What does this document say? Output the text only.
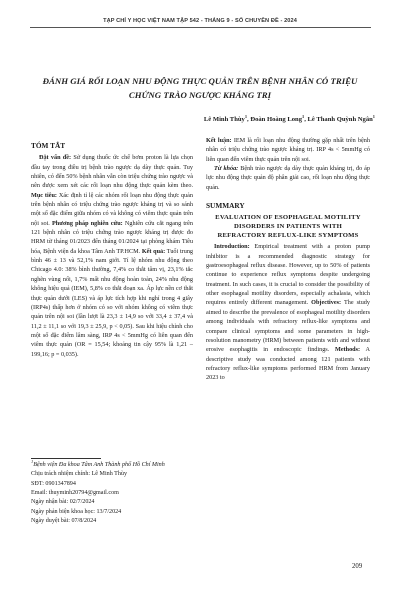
TẠP CHÍ Y HỌC VIỆT NAM TẬP 542 - THÁNG 9 - SỐ CHUYÊN ĐỀ - 2024
ĐÁNH GIÁ RỐI LOẠN NHU ĐỘNG THỰC QUẢN TRÊN BỆNH NHÂN CÓ TRIỆU CHỨNG TRÀO NGƯỢC KHÁNG TRỊ
Lê Minh Thùy$^1$, Đoàn Hoàng Long$^1$, Lê Thanh Quỳnh Ngân$^1$
TÓM TẮT

Đặt vấn đề: Sử dụng thuốc ức chế bơm proton là lựa chọn đầu tay trong điều trị bệnh trào ngược dạ dày thực quản. Tuy nhiên, có đến 50% bệnh nhân vẫn còn triệu chứng trào ngược và nên được xem xét các rối loạn nhu động thực quản kèm theo. Mục tiêu: Xác định tỉ lệ các nhóm rối loạn nhu động thực quản trên bệnh nhân có triệu chứng trào ngược kháng trị và so sánh một số đặc điểm giữa nhóm có và không có viêm thực quản trên nội soi. Phương pháp nghiên cứu: Nghiên cứu cắt ngang trên 121 bệnh nhân có triệu chứng trào ngược kháng trị được đo HRM từ tháng 01/2023 đến tháng 01/2024 tại phòng khám Tiêu hóa, Bệnh viện đa khoa Tâm Anh TP.HCM. Kết quả: Tuổi trung bình 46 ± 13 và 52,1% nam giới. Tỉ lệ nhóm nhu động theo Chicago 4.0: 38% bình thường, 7,4% co thắt tâm vị, 23,1% tắc nghẽn vùng nối, 1,7% mất nhu động hoàn toàn, 24% nhu động không hiệu quả (IEM), 5,8% co thắt đoạn xa. Áp lực nền cơ thắt thực quản dưới (LES) và áp lực tích hợp khi nghỉ trong 4 giây (IRP4s) thấp hơn ở nhóm có so với nhóm không có viêm thực quản trên nội soi (lần lượt là 23,3 ± 14,9 so với 33,4 ± 37,4 và 11,2 ± 11,1 so với 19,3 ± 25,9, p < 0,05). Sau khi hiệu chỉnh cho một số đặc điểm lâm sàng, IRP 4s < 5mmHg có liên quan đến viêm thực quản (OR = 15,54; khoảng tin cậy 95% là 1,21 – 199,16; p = 0,035).

$^1$Bệnh viện Đa khoa Tâm Anh Thành phố Hồ Chí Minh
Chịu trách nhiệm chính: Lê Minh Thùy
SĐT: 0901347894
Email: thuyminh20794@gmail.com
Ngày nhận bài: 02/7/2024
Ngày phản biện khoa học: 13/7/2024
Ngày duyệt bài: 07/8/2024

Kết luận: IEM là rối loạn nhu động thường gặp nhất trên bệnh nhân có triệu chứng trào ngược kháng trị. IRP 4s < 5mmHg có liên quan đến viêm thực quản trên nội soi.

Từ khóa: Bệnh trào ngược dạ dày thực quản kháng trị, đo áp lực nhu động thực quản độ phân giải cao, rối loạn nhu động thực quản.

SUMMARY
EVALUATION OF ESOPHAGEAL MOTILITY DISORDERS IN PATIENTS WITH REFRACTORY REFLUX-LIKE SYMPTOMS

Introduction: Empirical treatment with a proton pump inhibitor is a recommended diagnostic strategy for gastroesophageal reflux disease. However, up to 50% of patients continue to experience reflux symptoms despite undergoing treatment. In such cases, it is crucial to consider the possibility of other esophageal motility disorders, especially achalasia, which requires entirely different management. Objectives: The study aimed to describe the prevalence of esophageal motility disorders among individuals with refractory reflux-like symptoms and compare clinical symptoms and some parameters in high-resolution manometry (HRM) between patients with and without erosive esophagitis in endoscopic findings. Methods: A descriptive study was conducted among 121 patients with refractory reflux-like symptoms performed HRM from January 2023 to

209
